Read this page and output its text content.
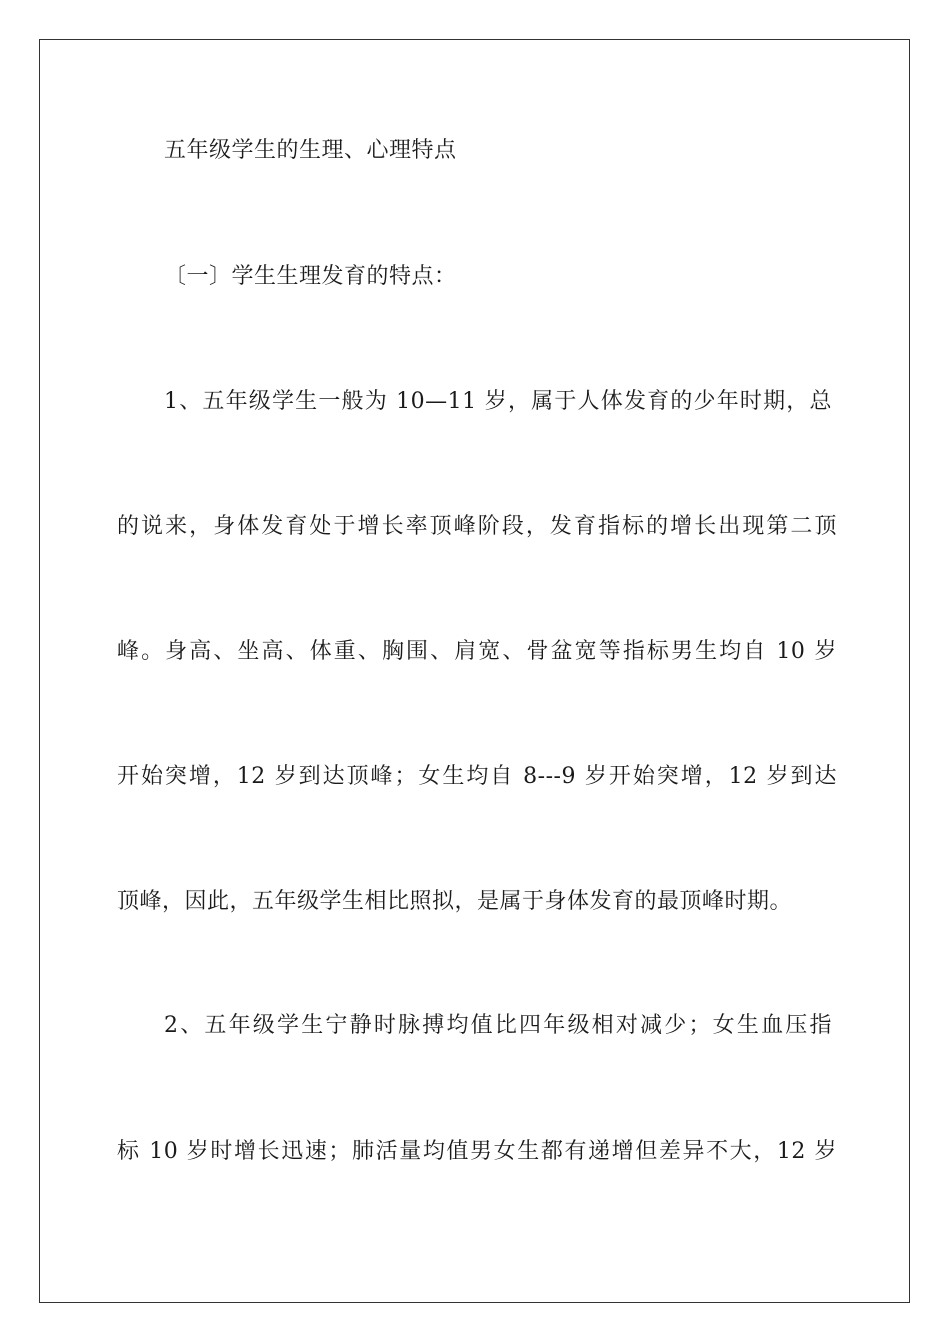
五年级学生的生理、心理特点
〔一〕学生生理发育的特点：
1、五年级学生一般为 10—11 岁，属于人体发育的少年时期，总
的说来，身体发育处于增长率顶峰阶段，发育指标的增长出现第二顶
峰。身高、坐高、体重、胸围、肩宽、骨盆宽等指标男生均自 10 岁
开始突增，12 岁到达顶峰；女生均自 8---9 岁开始突增，12 岁到达
顶峰，因此，五年级学生相比照拟，是属于身体发育的最顶峰时期。
2、五年级学生宁静时脉搏均值比四年级相对减少；女生血压指
标 10 岁时增长迅速；肺活量均值男女生都有递增但差异不大，12 岁
